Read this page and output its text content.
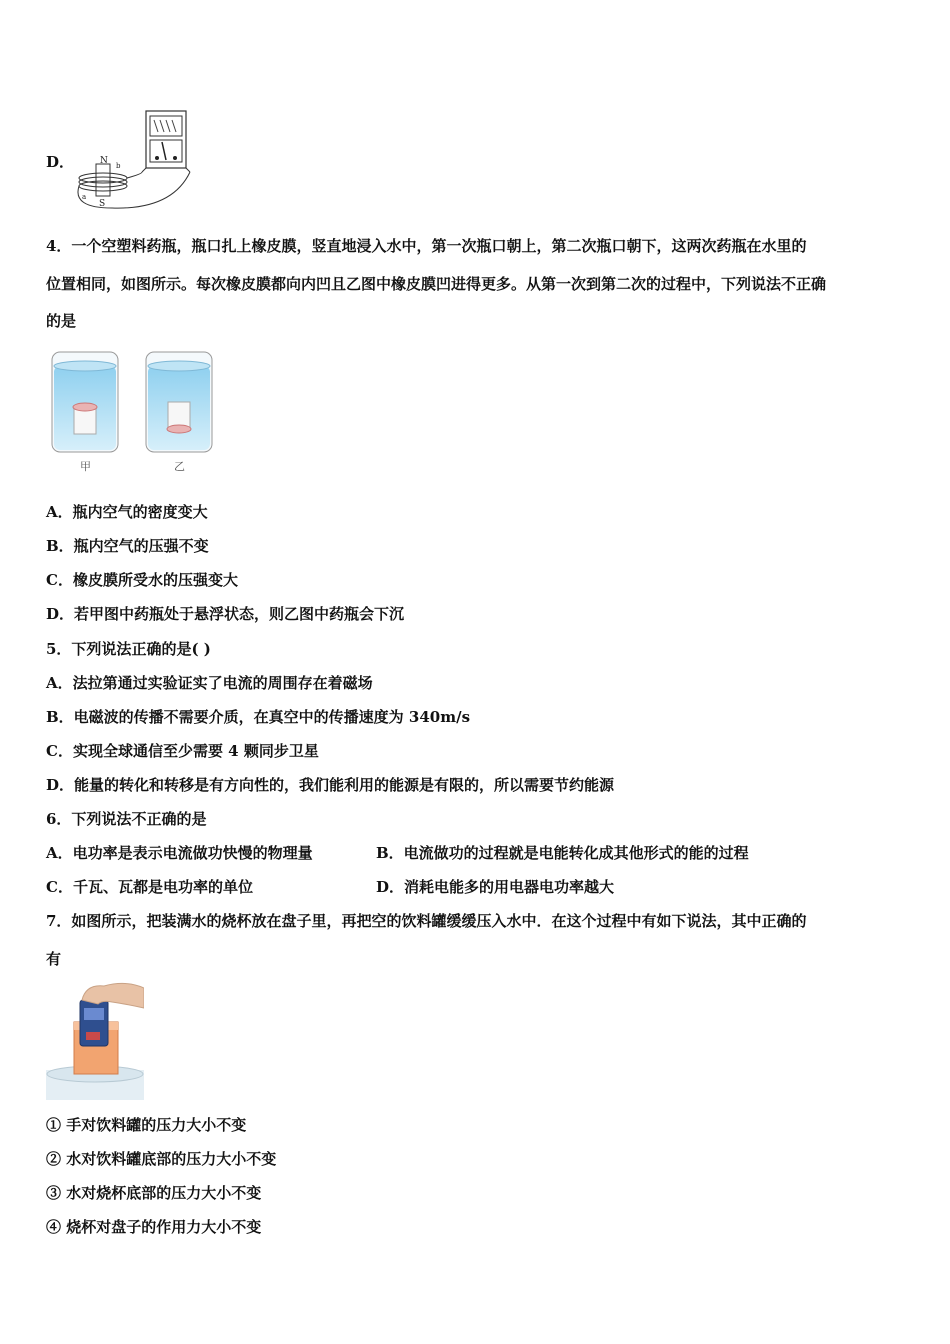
D．	N
S
a
b
4．一个空塑料药瓶，瓶口扎上橡皮膜，竖直地浸入水中，第一次瓶口朝上，第二次瓶口朝下，这两次药瓶在水里的
位置相同，如图所示。每次橡皮膜都向内凹且乙图中橡皮膜凹进得更多。从第一次到第二次的过程中，下列说法不正确
的是
甲	乙
A．瓶内空气的密度变大
B．瓶内空气的压强不变
C．橡皮膜所受水的压强变大
D．若甲图中药瓶处于悬浮状态，则乙图中药瓶会下沉
5．下列说法正确的是( )
A．法拉第通过实验证实了电流的周围存在着磁场
B．电磁波的传播不需要介质，在真空中的传播速度为 340m/s
C．实现全球通信至少需要 4 颗同步卫星
D．能量的转化和转移是有方向性的，我们能利用的能源是有限的，所以需要节约能源
6．下列说法不正确的是
A．电功率是表示电流做功快慢的物理量	B．电流做功的过程就是电能转化成其他形式的能的过程
C．千瓦、瓦都是电功率的单位	D．消耗电能多的用电器电功率越大
7．如图所示，把装满水的烧杯放在盘子里，再把空的饮料罐缓缓压入水中．在这个过程中有如下说法，其中正确的
有
① 手对饮料罐的压力大小不变
② 水对饮料罐底部的压力大小不变
③ 水对烧杯底部的压力大小不变
④ 烧杯对盘子的作用力大小不变
